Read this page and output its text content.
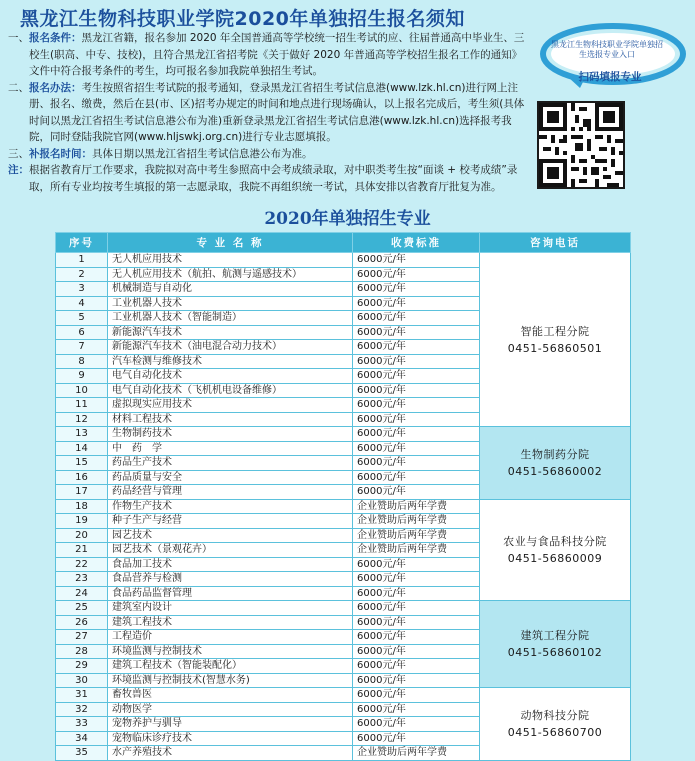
黑龙江生物科技职业学院2020年单独招生报名须知
一、 报名条件：黑龙江省籍，报名参加 2020 年全国普通高等学校统一招生考试的应、往届普通高中毕业生、三校生(职高、中专、技校)，且符合黑龙江省招考院《关于做好 2020 年普通高等学校招生报名工作的通知》文件中符合报考条件的考生，均可报名参加我院单独招生考试。
二、 报名办法：考生按照省招生考试院的报考通知，登录黑龙江省招生考试信息港(www.lzk.hl.cn)进行网上注册、报名、缴费，然后在县(市、区)招考办规定的时间和地点进行现场确认，以上报名完成后，考生须(具体时间以黑龙江省招生考试信息港公布为准)重新登录黑龙江省招生考试信息港(www.lzk.hl.cn)选择报考我院，同时登陆我院官网(www.hljswkj.org.cn)进行专业志愿填报。
三、 补报名时间：具体日期以黑龙江省招生考试信息港公布为准。
注： 根据省教育厅工作要求，我院拟对高中考生参照高中会考成绩录取，对中职类考生按“面谈 + 校考成绩”录取，所有专业均按考生填报的第一志愿录取，我院不再组织统一考试，具体安排以省教育厅批复为准。
黑龙江生物科技职业学院单独招生选报专业入口
扫码填报专业
2020年单独招生专业
序号	专 业 名 称	收费标准	咨询电话
1	无人机应用技术	6000元/年	智能工程分院
0451-56860501

2	无人机应用技术（航拍、航测与遥感技术）	6000元/年	
3	机械制造与自动化	6000元/年	
4	工业机器人技术	6000元/年	
5	工业机器人技术（智能制造）	6000元/年	
6	新能源汽车技术	6000元/年	
7	新能源汽车技术（油电混合动力技术）	6000元/年	
8	汽车检测与维修技术	6000元/年	
9	电气自动化技术	6000元/年	
10	电气自动化技术（飞机机电设备维修）	6000元/年	
11	虚拟现实应用技术	6000元/年	
12	材料工程技术	6000元/年	
13	生物制药技术	6000元/年	生物制药分院
0451-56860002

14	中　药　学	6000元/年	
15	药品生产技术	6000元/年	
16	药品质量与安全	6000元/年	
17	药品经营与管理	6000元/年	
18	作物生产技术	企业赞助后两年学费	农业与食品科技分院
0451-56860009

19	种子生产与经营	企业赞助后两年学费	
20	园艺技术	企业赞助后两年学费	
21	园艺技术（景观花卉）	企业赞助后两年学费	
22	食品加工技术	6000元/年	
23	食品营养与检测	6000元/年	
24	食品药品监督管理	6000元/年	
25	建筑室内设计	6000元/年	建筑工程分院
0451-56860102

26	建筑工程技术	6000元/年	
27	工程造价	6000元/年	
28	环境监测与控制技术	6000元/年	
29	建筑工程技术（智能装配化）	6000元/年	
30	环境监测与控制技术(智慧水务)	6000元/年	
31	畜牧兽医	6000元/年	动物科技分院
0451-56860700

32	动物医学	6000元/年	
33	宠物养护与驯导	6000元/年	
34	宠物临床诊疗技术	6000元/年	
35	水产养殖技术	企业赞助后两年学费	
